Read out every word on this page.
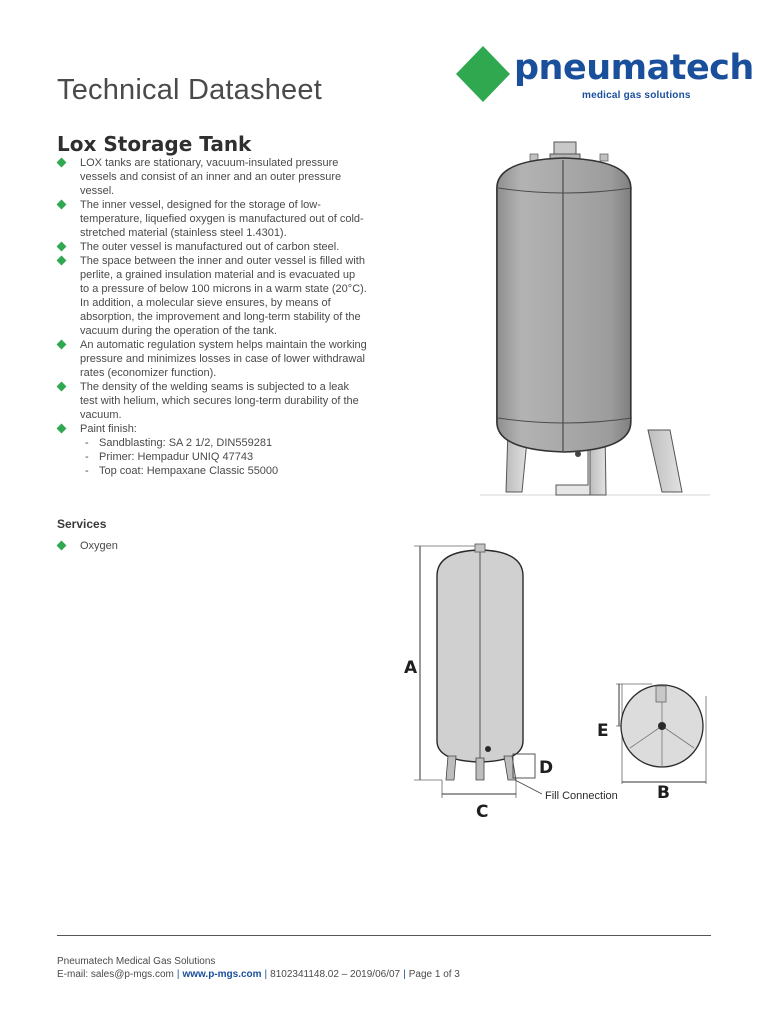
Technical Datasheet
pneumatech
medical gas solutions
Lox Storage Tank
LOX tanks are stationary, vacuum-insulated pressure vessels and consist of an inner and an outer pressure vessel.
The inner vessel, designed for the storage of low-temperature, liquefied oxygen is manufactured out of cold-stretched material (stainless steel 1.4301).
The outer vessel is manufactured out of carbon steel.
The space between the inner and outer vessel is filled with perlite, a grained insulation material and is evacuated up to a pressure of below 100 microns in a warm state (20°C). In addition, a molecular sieve ensures, by means of absorption, the improvement and long-term stability of the vacuum during the operation of the tank.
An automatic regulation system helps maintain the working pressure and minimizes losses in case of lower withdrawal rates (economizer function).
The density of the welding seams is subjected to a leak test with helium, which secures long-term durability of the vacuum.
Paint finish:
- Sandblasting: SA 2 1/2, DIN559281
- Primer: Hempadur UNIQ 47743
- Top coat: Hempaxane Classic 55000
Services
Oxygen
A
C
D
E
B
Fill Connection
Pneumatech Medical Gas Solutions
E-mail: sales@p-mgs.com | www.p-mgs.com | 8102341148.02 – 2019/06/07 | Page 1 of 3
